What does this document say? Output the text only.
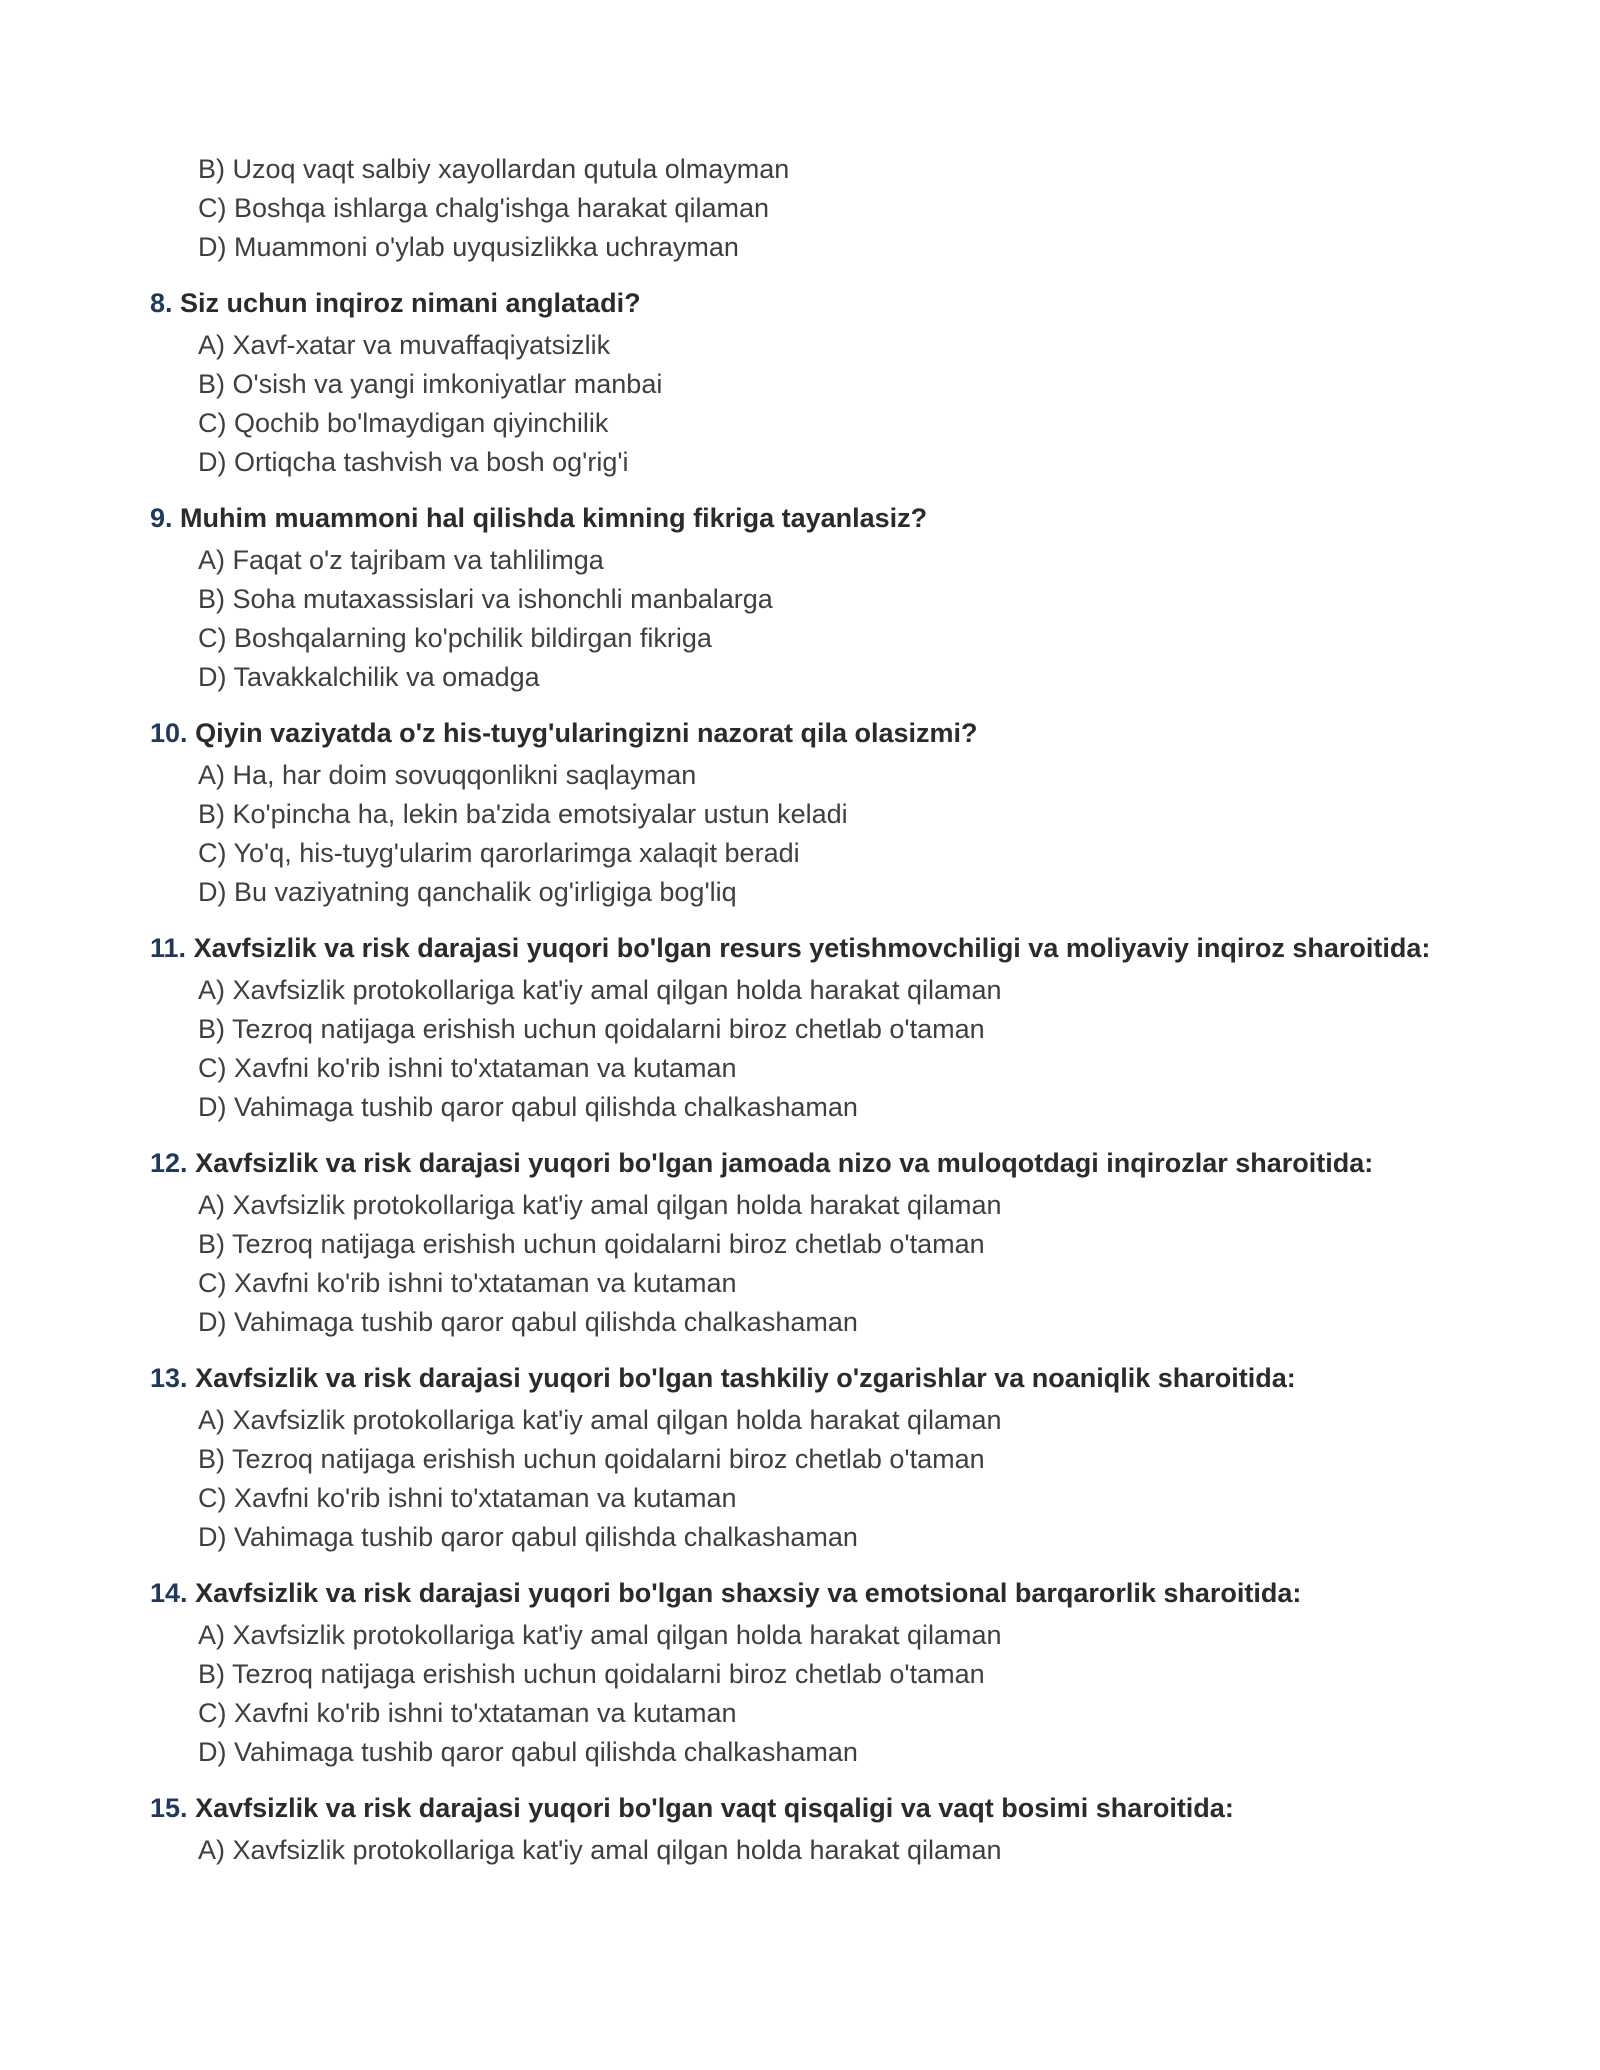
B) Uzoq vaqt salbiy xayollardan qutula olmayman
C) Boshqa ishlarga chalg'ishga harakat qilaman
D) Muammoni o'ylab uyqusizlikka uchrayman

8. Siz uchun inqiroz nimani anglatadi?

A) Xavf-xatar va muvaffaqiyatsizlik
B) O'sish va yangi imkoniyatlar manbai
C) Qochib bo'lmaydigan qiyinchilik
D) Ortiqcha tashvish va bosh og'rig'i

9. Muhim muammoni hal qilishda kimning fikriga tayanlasiz?

A) Faqat o'z tajribam va tahlilimga
B) Soha mutaxassislari va ishonchli manbalarga
C) Boshqalarning ko'pchilik bildirgan fikriga
D) Tavakkalchilik va omadga

10. Qiyin vaziyatda o'z his-tuyg'ularingizni nazorat qila olasizmi?

A) Ha, har doim sovuqqonlikni saqlayman
B) Ko'pincha ha, lekin ba'zida emotsiyalar ustun keladi
C) Yo'q, his-tuyg'ularim qarorlarimga xalaqit beradi
D) Bu vaziyatning qanchalik og'irligiga bog'liq

11. Xavfsizlik va risk darajasi yuqori bo'lgan resurs yetishmovchiligi va moliyaviy inqiroz sharoitida:

A) Xavfsizlik protokollariga kat'iy amal qilgan holda harakat qilaman
B) Tezroq natijaga erishish uchun qoidalarni biroz chetlab o'taman
C) Xavfni ko'rib ishni to'xtataman va kutaman
D) Vahimaga tushib qaror qabul qilishda chalkashaman

12. Xavfsizlik va risk darajasi yuqori bo'lgan jamoada nizo va muloqotdagi inqirozlar sharoitida:

A) Xavfsizlik protokollariga kat'iy amal qilgan holda harakat qilaman
B) Tezroq natijaga erishish uchun qoidalarni biroz chetlab o'taman
C) Xavfni ko'rib ishni to'xtataman va kutaman
D) Vahimaga tushib qaror qabul qilishda chalkashaman

13. Xavfsizlik va risk darajasi yuqori bo'lgan tashkiliy o'zgarishlar va noaniqlik sharoitida:

A) Xavfsizlik protokollariga kat'iy amal qilgan holda harakat qilaman
B) Tezroq natijaga erishish uchun qoidalarni biroz chetlab o'taman
C) Xavfni ko'rib ishni to'xtataman va kutaman
D) Vahimaga tushib qaror qabul qilishda chalkashaman

14. Xavfsizlik va risk darajasi yuqori bo'lgan shaxsiy va emotsional barqarorlik sharoitida:

A) Xavfsizlik protokollariga kat'iy amal qilgan holda harakat qilaman
B) Tezroq natijaga erishish uchun qoidalarni biroz chetlab o'taman
C) Xavfni ko'rib ishni to'xtataman va kutaman
D) Vahimaga tushib qaror qabul qilishda chalkashaman

15. Xavfsizlik va risk darajasi yuqori bo'lgan vaqt qisqaligi va vaqt bosimi sharoitida:

A) Xavfsizlik protokollariga kat'iy amal qilgan holda harakat qilaman
